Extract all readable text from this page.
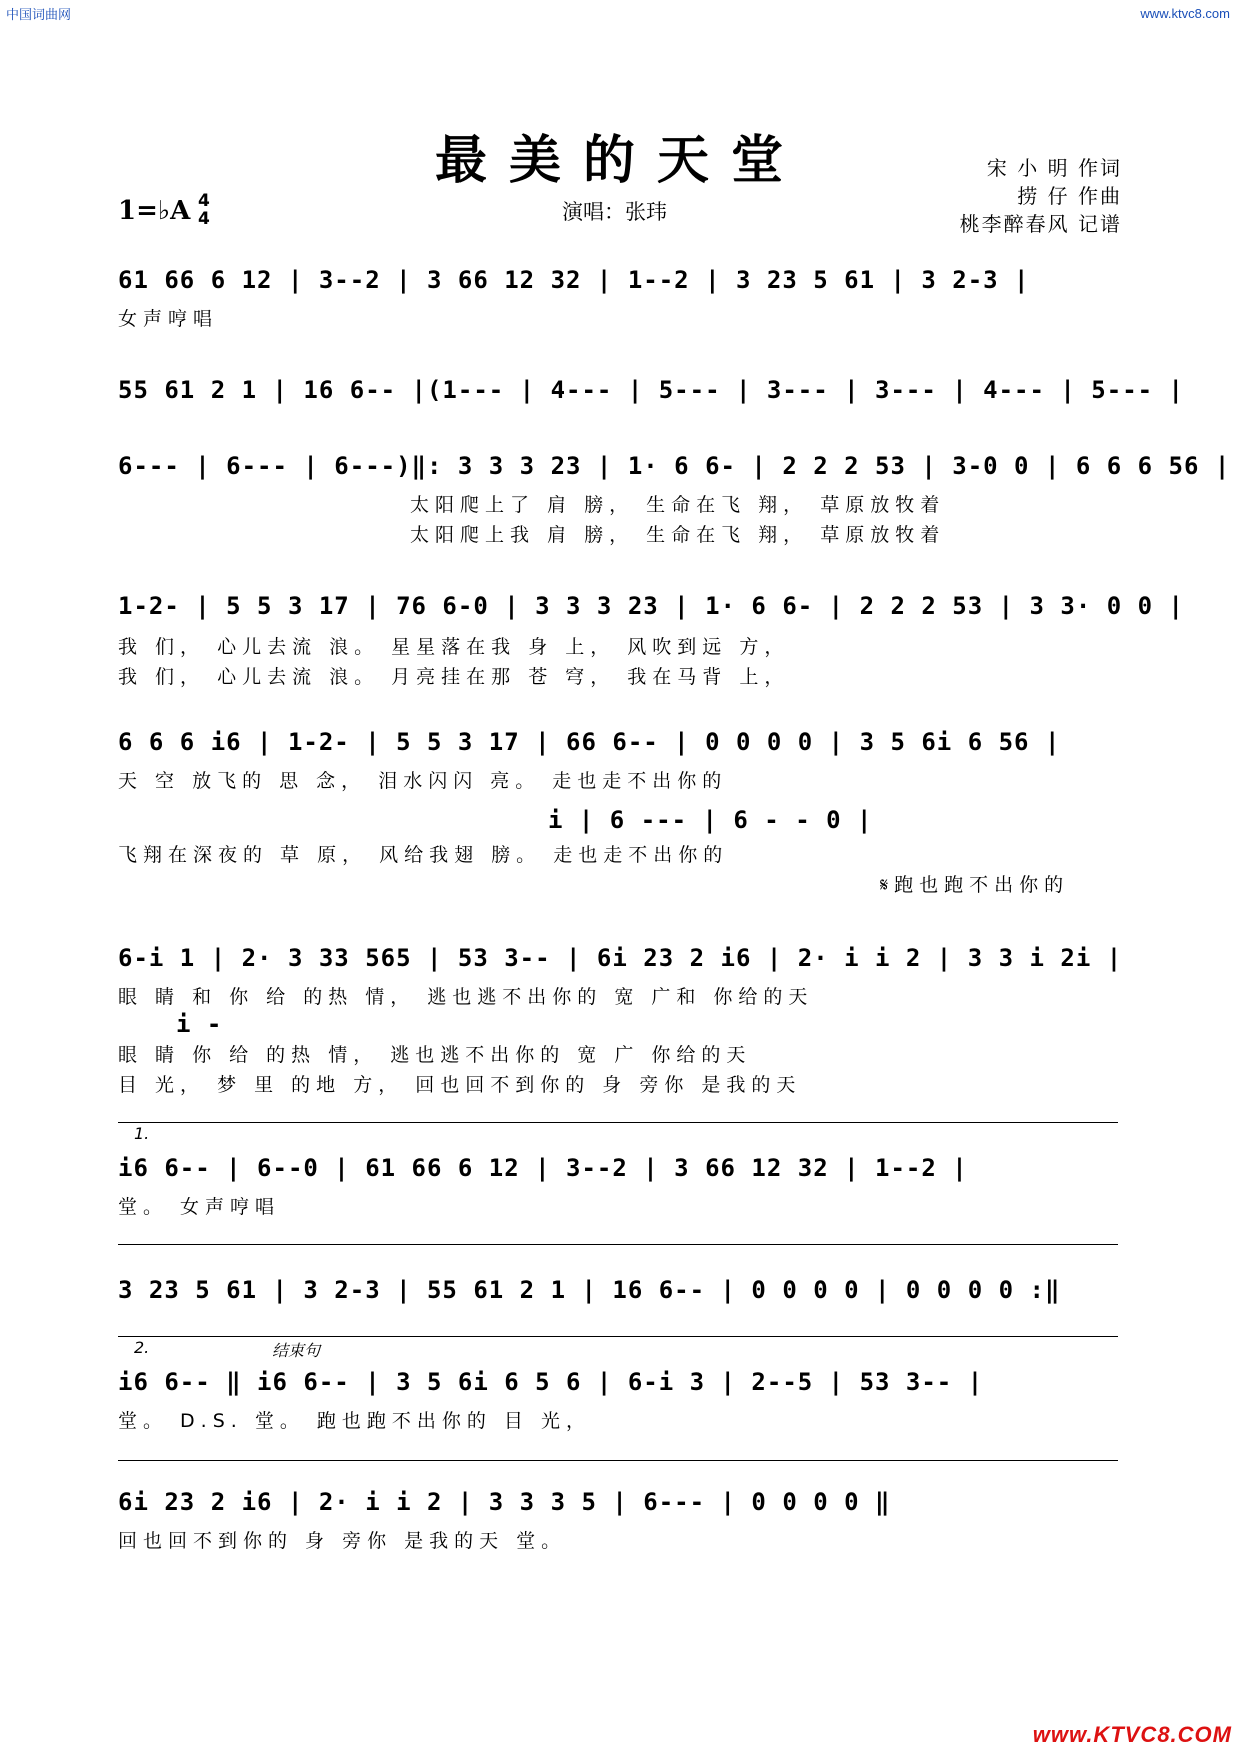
中国词曲网	www.ktvc8.com
最美的天堂	宋 小 明 作词
捞 仔 作曲
桃李醉春风 记谱
演唱：张玮
1=♭A 4
4
61 66 6 12 | 3--2 | 3 66 12 32 | 1--2 | 3 23 5 61 | 3 2-3 |
女声哼唱
55 61 2 1 | 16 6-- |(1--- | 4--- | 5--- | 3--- | 3--- | 4--- | 5--- |
6--- | 6--- | 6---)‖: 3 3 3 23 | 1· 6 6- | 2 2 2 53 | 3-0 0 | 6 6 6 56 |
太阳爬上了 肩 膀， 生命在飞 翔， 草原放牧着
太阳爬上我 肩 膀， 生命在飞 翔， 草原放牧着
1-2- | 5 5 3 17 | 76 6-0 | 3 3 3 23 | 1· 6 6- | 2 2 2 53 | 3 3· 0 0 |
我 们， 心儿去流 浪。 星星落在我 身 上， 风吹到远 方，
我 们， 心儿去流 浪。 月亮挂在那 苍 穹， 我在马背 上，
6 6 6 i6 | 1-2- | 5 5 3 17 | 66 6-- | 0 0 0 0 | 3 5 6i 6 56 |
天 空 放飞的 思 念， 泪水闪闪 亮。 走也走不出你的
i | 6 --- | 6 - - 0 |
飞翔在深夜的 草 原， 风给我翅 膀。 走也走不出你的
𝄋跑也跑不出你的
6-i 1 | 2· 3 33 565 | 53 3-- | 6i 23 2 i6 | 2· i i 2 | 3 3 i 2i |
眼 睛 和 你 给 的热 情， 逃也逃不出你的 宽 广和 你给的天
i -
眼 睛 你 给 的热 情， 逃也逃不出你的 宽 广 你给的天
目 光， 梦 里 的地 方， 回也回不到你的 身 旁你 是我的天
1.
i6 6-- | 6--0 | 61 66 6 12 | 3--2 | 3 66 12 32 | 1--2 |
堂。 女声哼唱
3 23 5 61 | 3 2-3 | 55 61 2 1 | 16 6-- | 0 0 0 0 | 0 0 0 0 :‖
2.	结束句
i6 6-- ‖ i6 6-- | 3 5 6i 6 5 6 | 6-i 3 | 2--5 | 53 3-- |
堂。 D.S. 堂。 跑也跑不出你的 目 光，
6i 23 2 i6 | 2· i i 2 | 3 3 3 5 | 6--- | 0 0 0 0 ‖
回也回不到你的 身 旁你 是我的天 堂。
www.KTVC8.COM
